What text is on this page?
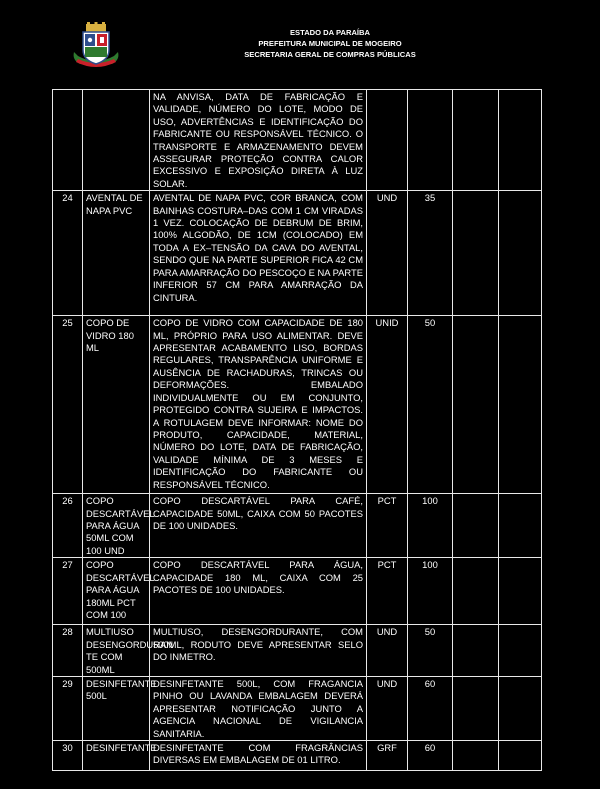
ESTADO DA PARAÍBA
PREFEITURA MUNICIPAL DE MOGEIRO
SECRETARIA GERAL DE COMPRAS PÚBLICAS
		NA ANVISA, DATA DE FABRICAÇÃO E VALIDADE, NÚMERO DO LOTE, MODO DE USO, ADVERTÊNCIAS E IDENTIFICAÇÃO DO FABRICANTE OU RESPONSÁVEL TÉCNICO. O TRANSPORTE E ARMAZENAMENTO DEVEM ASSEGURAR PROTEÇÃO CONTRA CALOR EXCESSIVO E EXPOSIÇÃO DIRETA À LUZ SOLAR.				
24	AVENTAL DE NAPA PVC	AVENTAL DE NAPA PVC, COR BRANCA, COM BAINHAS COSTURA–DAS COM 1 CM VIRADAS 1 VEZ. COLOCAÇÃO DE DEBRUM DE BRIM, 100% ALGODÃO, DE 1CM (COLOCADO) EM TODA A EX–TENSÃO DA CAVA DO AVENTAL, SENDO QUE NA PARTE SUPERIOR FICA 42 CM PARA AMARRAÇÃO DO PESCOÇO E NA PARTE INFERIOR 57 CM PARA AMARRAÇÃO DA CINTURA.	UND	35		
25	COPO DE VIDRO 180 ML	COPO DE VIDRO COM CAPACIDADE DE 180 ML, PRÓPRIO PARA USO ALIMENTAR. DEVE APRESENTAR ACABAMENTO LISO, BORDAS REGULARES, TRANSPARÊNCIA UNIFORME E AUSÊNCIA DE RACHADURAS, TRINCAS OU DEFORMAÇÕES. EMBALADO INDIVIDUALMENTE OU EM CONJUNTO, PROTEGIDO CONTRA SUJEIRA E IMPACTOS. A ROTULAGEM DEVE INFORMAR: NOME DO PRODUTO, CAPACIDADE, MATERIAL, NÚMERO DO LOTE, DATA DE FABRICAÇÃO, VALIDADE MÍNIMA DE 3 MESES E IDENTIFICAÇÃO DO FABRICANTE OU RESPONSÁVEL TÉCNICO.	UNID	50		
26	COPO DESCARTÁVEL PARA ÁGUA 50ML COM 100 UND	COPO DESCARTÁVEL PARA CAFÉ, CAPACIDADE 50ML, CAIXA COM 50 PACOTES DE 100 UNIDADES.	PCT	100		
27	COPO DESCARTÁVEL PARA ÁGUA 180ML PCT COM 100	COPO DESCARTÁVEL PARA ÁGUA, CAPACIDADE 180 ML, CAIXA COM 25 PACOTES DE 100 UNIDADES.	PCT	100		
28	MULTIUSO DESENGORDURAN TE COM 500ML	MULTIUSO, DESENGORDURANTE, COM 500ML, RODUTO DEVE APRESENTAR SELO DO INMETRO.	UND	50		
29	DESINFETANTE 500L	DESINFETANTE 500L, COM FRAGANCIA PINHO OU LAVANDA EMBALAGEM DEVERÁ APRESENTAR NOTIFICAÇÃO JUNTO A AGENCIA NACIONAL DE VIGILANCIA SANITARIA.	UND	60		
30	DESINFETANTE	DESINFETANTE COM FRAGRÂNCIAS DIVERSAS EM EMBALAGEM DE 01 LITRO.	GRF	60		
